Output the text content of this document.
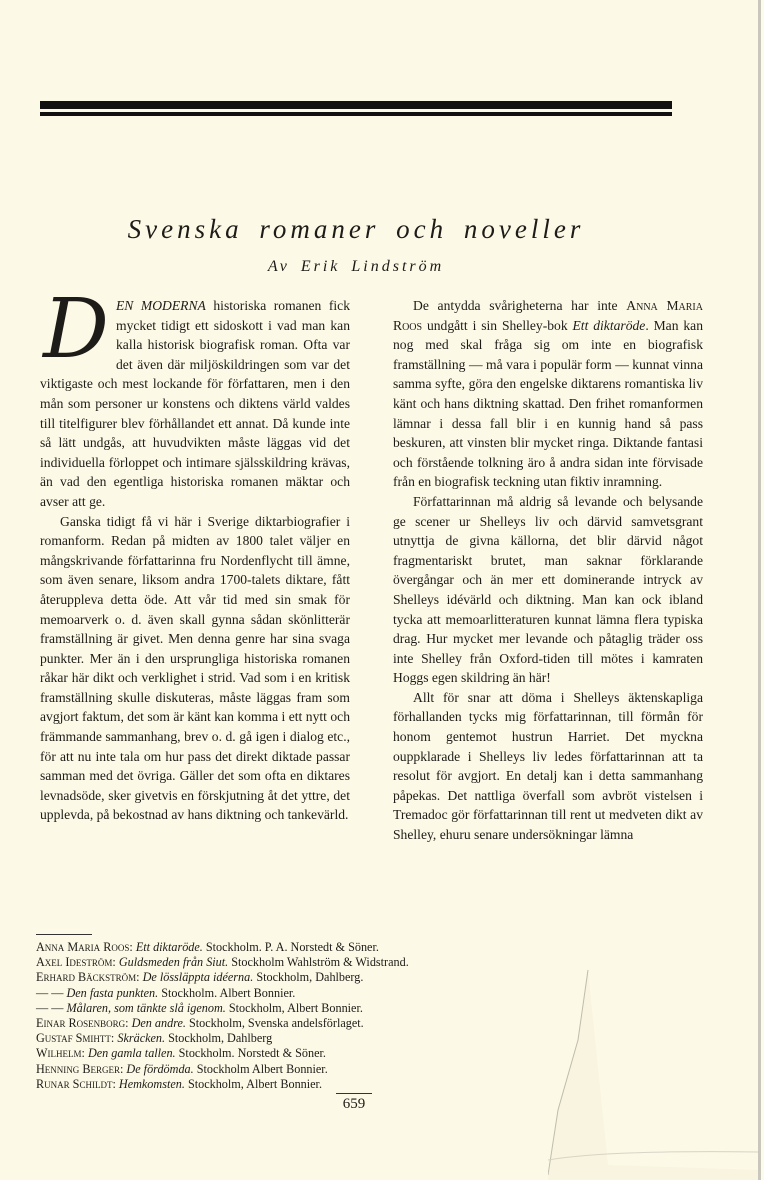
Svenska romaner och noveller
Av Erik Lindström

DEN MODERNA historiska romanen fick mycket tidigt ett sidoskott i vad man kan kalla historisk biografisk roman. Ofta var det även där miljöskildringen som var det viktigaste och mest lockande för författaren, men i den mån som personer ur konstens och diktens värld valdes till titelfigurer blev förhållandet ett annat. Då kunde inte så lätt undgås, att huvudvikten måste läggas vid det individuella förloppet och intimare själsskildring krävas, än vad den egentliga historiska romanen mäktar och avser att ge.

Ganska tidigt få vi här i Sverige diktarbiografier i romanform. Redan på midten av 1800 talet väljer en mångskrivande författarinna fru Nordenflycht till ämne, som även senare, liksom andra 1700-talets diktare, fått återuppleva detta öde. Att vår tid med sin smak för memoarverk o. d. även skall gynna sådan skönlitterär framställning är givet. Men denna genre har sina svaga punkter. Mer än i den ursprungliga historiska romanen råkar här dikt och verklighet i strid. Vad som i en kritisk framställning skulle diskuteras, måste läggas fram som avgjort faktum, det som är känt kan komma i ett nytt och främmande sammanhang, brev o. d. gå igen i dialog etc., för att nu inte tala om hur pass det direkt diktade passar samman med det övriga. Gäller det som ofta en diktares levnadsöde, sker givetvis en förskjutning åt det yttre, det upplevda, på bekostnad av hans diktning och tankevärld.

De antydda svårigheterna har inte Anna Maria Roos undgått i sin Shelley-bok Ett diktaröde. Man kan nog med skal fråga sig om inte en biografisk framställning — må vara i populär form — kunnat vinna samma syfte, göra den engelske diktarens romantiska liv känt och hans diktning skattad. Den frihet romanformen lämnar i dessa fall blir i en kunnig hand så pass beskuren, att vinsten blir mycket ringa. Diktande fantasi och förstående tolkning äro å andra sidan inte förvisade från en biografisk teckning utan fiktiv inramning.

Författarinnan må aldrig så levande och belysande ge scener ur Shelleys liv och därvid samvetsgrant utnyttja de givna källorna, det blir därvid något fragmentariskt brutet, man saknar förklarande övergångar och än mer ett dominerande intryck av Shelleys idévärld och diktning. Man kan ock ibland tycka att memoarlitteraturen kunnat lämna flera typiska drag. Hur mycket mer levande och påtaglig träder oss inte Shelley från Oxford-tiden till mötes i kamraten Hoggs egen skildring än här!

Allt för snar att döma i Shelleys äktenskapliga förhallanden tycks mig författarinnan, till förmån för honom gentemot hustrun Harriet. Det myckna ouppklarade i Shelleys liv ledes författarinnan att ta resolut för avgjort. En detalj kan i detta sammanhang påpekas. Det nattliga överfall som avbröt vistelsen i Tremadoc gör författarinnan till rent ut medveten dikt av Shelley, ehuru senare undersökningar lämna

Anna Maria Roos: Ett diktaröde. Stockholm. P. A. Norstedt & Söner.
Axel Ideström: Guldsmeden från Siut. Stockholm Wahlström & Widstrand.
Erhard Bäckström: De lössläppta idéerna. Stockholm, Dahlberg.
— — Den fasta punkten. Stockholm. Albert Bonnier.
— — Målaren, som tänkte slå igenom. Stockholm, Albert Bonnier.
Einar Rosenborg: Den andre. Stockholm, Svenska andelsförlaget.
Gustaf Smihtt: Skräcken. Stockholm, Dahlberg
Wilhelm: Den gamla tallen. Stockholm. Norstedt & Söner.
Henning Berger: De fördömda. Stockholm Albert Bonnier.
Runar Schildt: Hemkomsten. Stockholm, Albert Bonnier.
659
